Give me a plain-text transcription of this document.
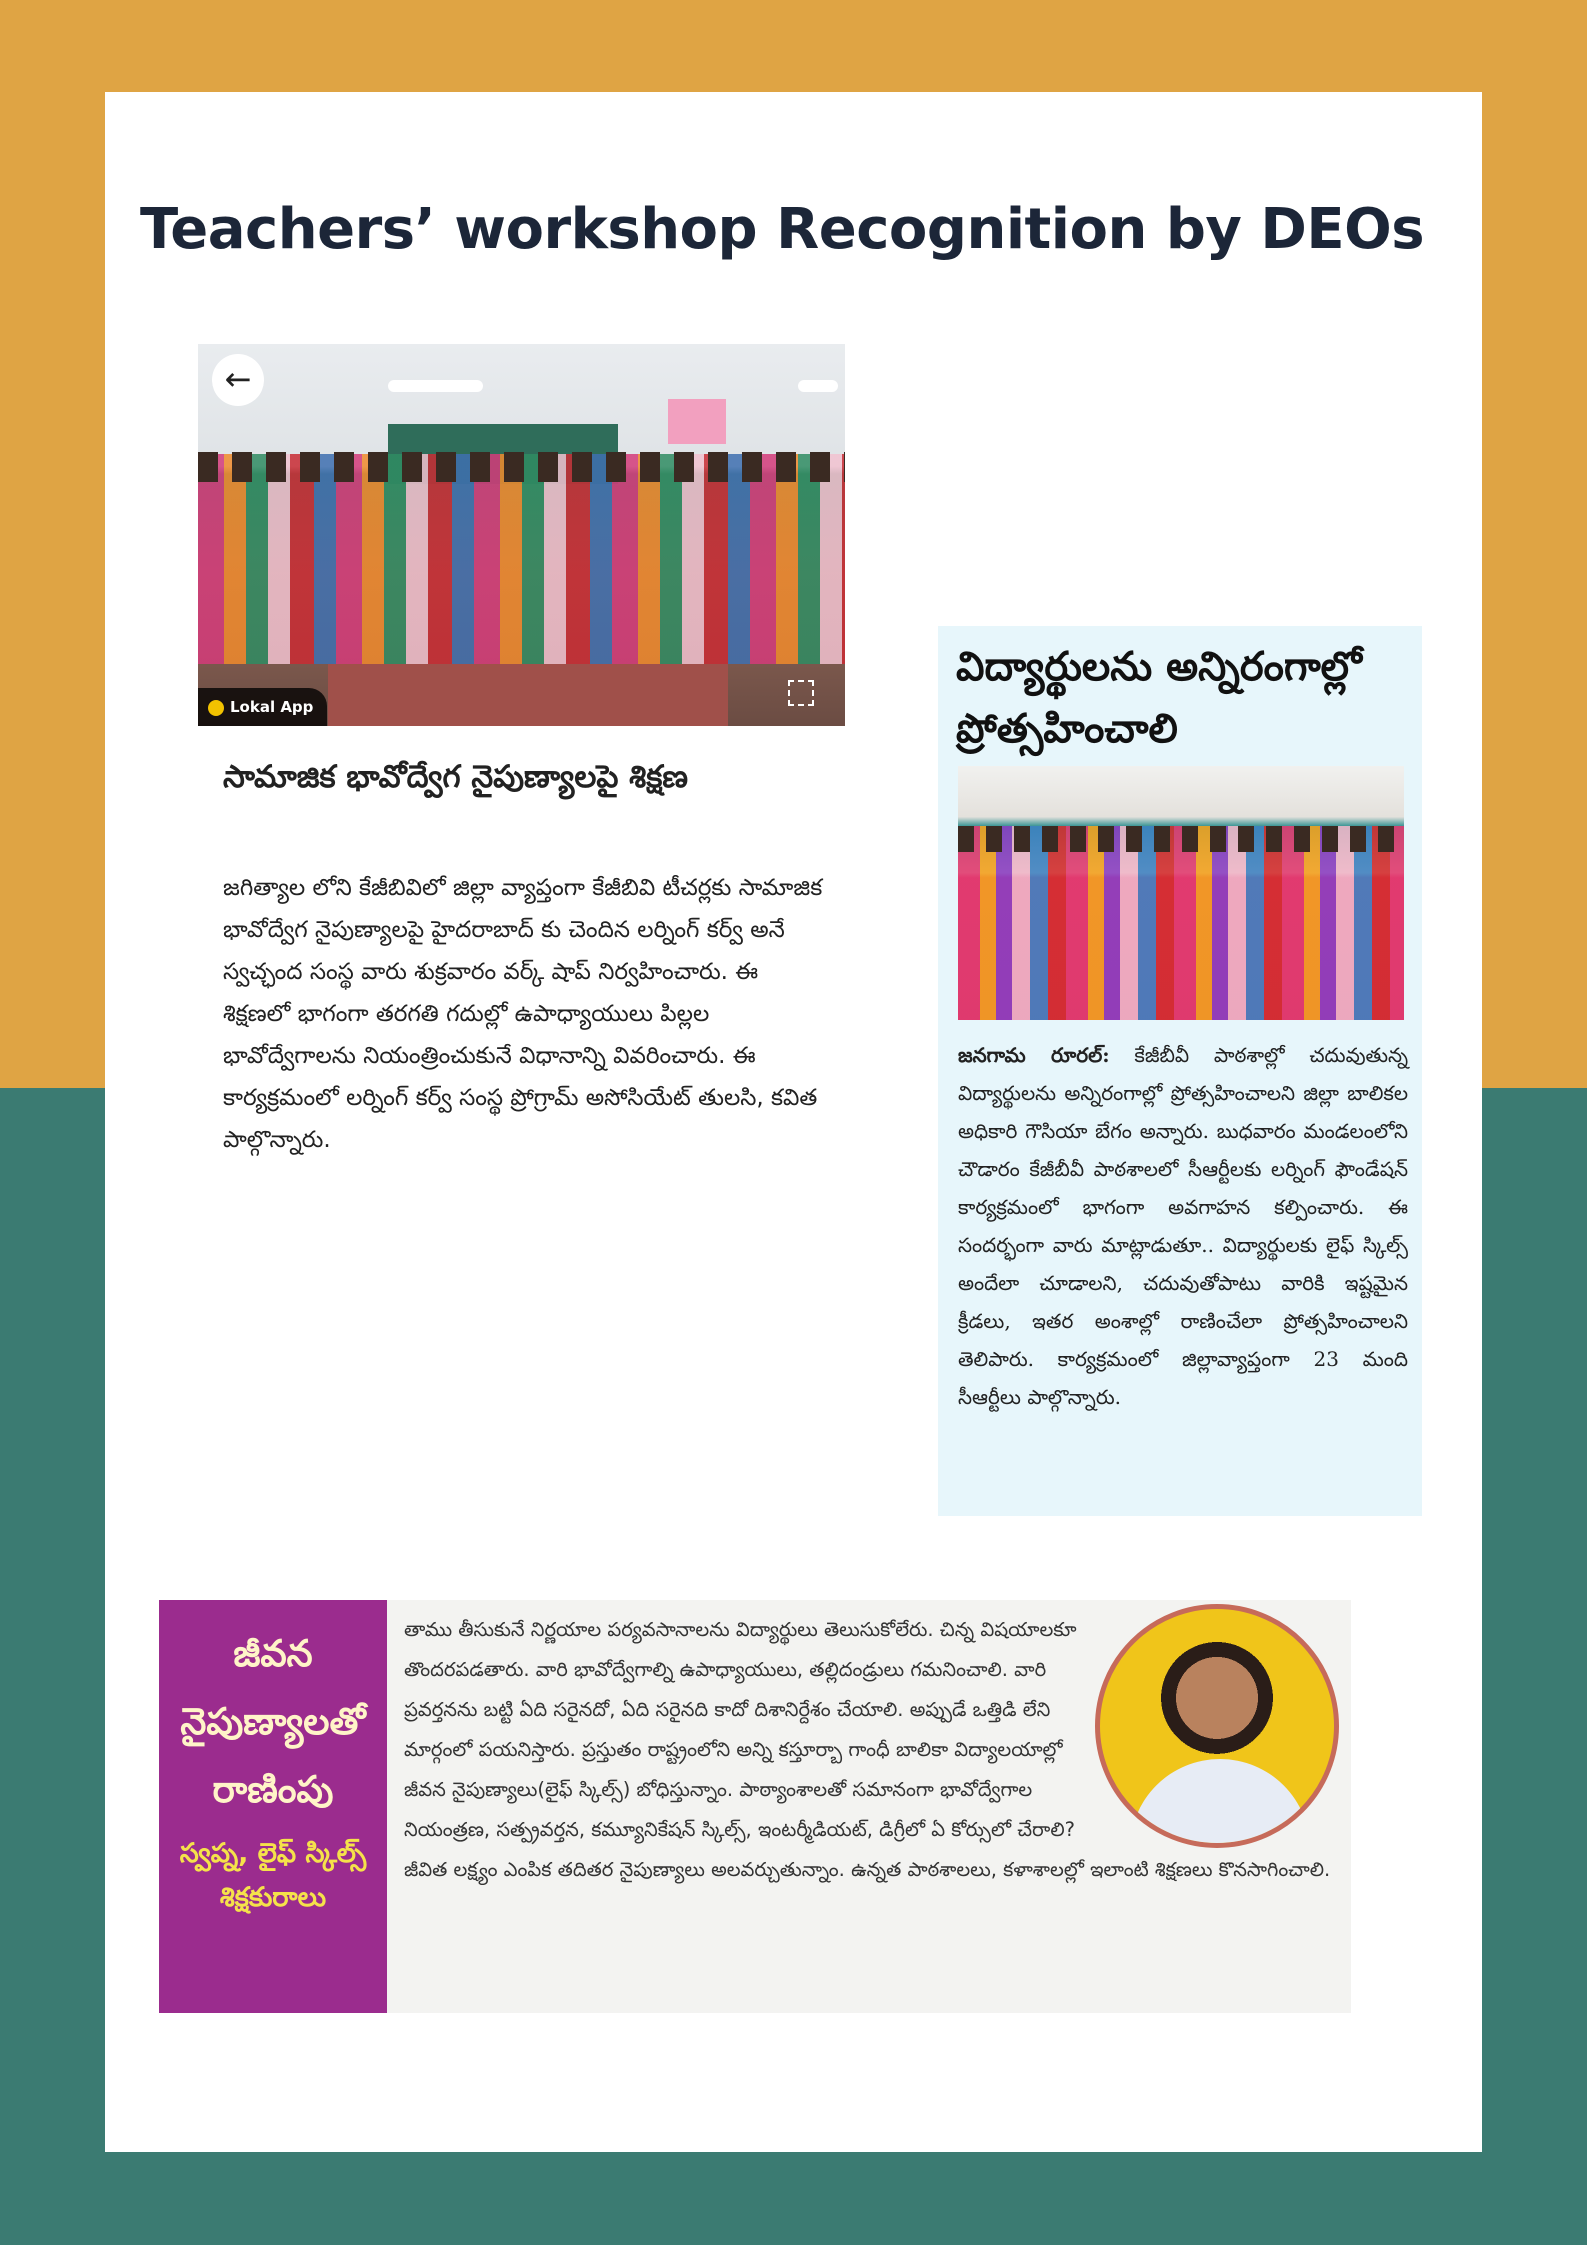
Teachers’ workshop Recognition by DEOs
←
Lokal App
సామాజిక భావోద్వేగ నైపుణ్యాలపై శిక్షణ
జగిత్యాల లోని కేజీబివిలో జిల్లా వ్యాప్తంగా కేజీబివి టీచర్లకు సామాజిక భావోద్వేగ నైపుణ్యాలపై హైదరాబాద్ కు చెందిన లర్నింగ్ కర్వ్ అనే స్వచ్ఛంద సంస్థ వారు శుక్రవారం వర్క్ షాప్ నిర్వహించారు. ఈ శిక్షణలో భాగంగా తరగతి గదుల్లో ఉపాధ్యాయులు పిల్లల భావోద్వేగాలను నియంత్రించుకునే విధానాన్ని వివరించారు. ఈ కార్యక్రమంలో లర్నింగ్ కర్వ్ సంస్థ ప్రోగ్రామ్ అసోసియేట్ తులసి, కవిత పాల్గొన్నారు.
విద్యార్థులను అన్నిరంగాల్లో ప్రోత్సహించాలి
జనగామ రూరల్: కేజీబీవీ పాఠశాల్లో చదువుతున్న విద్యార్థులను అన్నిరంగాల్లో ప్రోత్సహించాలని జిల్లా బాలికల అధికారి గౌసియా బేగం అన్నారు. బుధవారం మండలంలోని చౌడారం కేజీబీవీ పాఠశాలలో సీఆర్టీలకు లర్నింగ్ ఫౌండేషన్ కార్యక్రమంలో భాగంగా అవగాహన కల్పించారు. ఈ సందర్భంగా వారు మాట్లాడుతూ.. విద్యార్థులకు లైఫ్ స్కిల్స్ అందేలా చూడాలని, చదువుతోపాటు వారికి ఇష్టమైన క్రీడలు, ఇతర అంశాల్లో రాణించేలా ప్రోత్సహించాలని తెలిపారు. కార్యక్రమంలో జిల్లావ్యాప్తంగా 23 మంది సీఆర్టీలు పాల్గొన్నారు.
జీవన నైపుణ్యాలతో రాణింపు
స్వప్న, లైఫ్ స్కిల్స్ శిక్షకురాలు
తాము తీసుకునే నిర్ణయాల పర్యవసానాలను విద్యార్థులు తెలుసుకోలేరు. చిన్న విషయాలకూ తొందరపడతారు. వారి భావోద్వేగాల్ని ఉపాధ్యాయులు, తల్లిదండ్రులు గమనించాలి. వారి ప్రవర్తనను బట్టి ఏది సరైనదో, ఏది సరైనది కాదో దిశానిర్దేశం చేయాలి. అప్పుడే ఒత్తిడి లేని మార్గంలో పయనిస్తారు. ప్రస్తుతం రాష్ట్రంలోని అన్ని కస్తూర్బా గాంధీ బాలికా విద్యాలయాల్లో జీవన నైపుణ్యాలు(లైఫ్ స్కిల్స్) బోధిస్తున్నాం. పాఠ్యాంశాలతో సమానంగా భావోద్వేగాల నియంత్రణ, సత్ప్రవర్తన, కమ్యూనికేషన్ స్కిల్స్, ఇంటర్మీడియట్, డిగ్రీలో ఏ కోర్సులో చేరాలి? జీవిత లక్ష్యం ఎంపిక తదితర నైపుణ్యాలు అలవర్చుతున్నాం. ఉన్నత పాఠశాలలు, కళాశాలల్లో ఇలాంటి శిక్షణలు కొనసాగించాలి.
